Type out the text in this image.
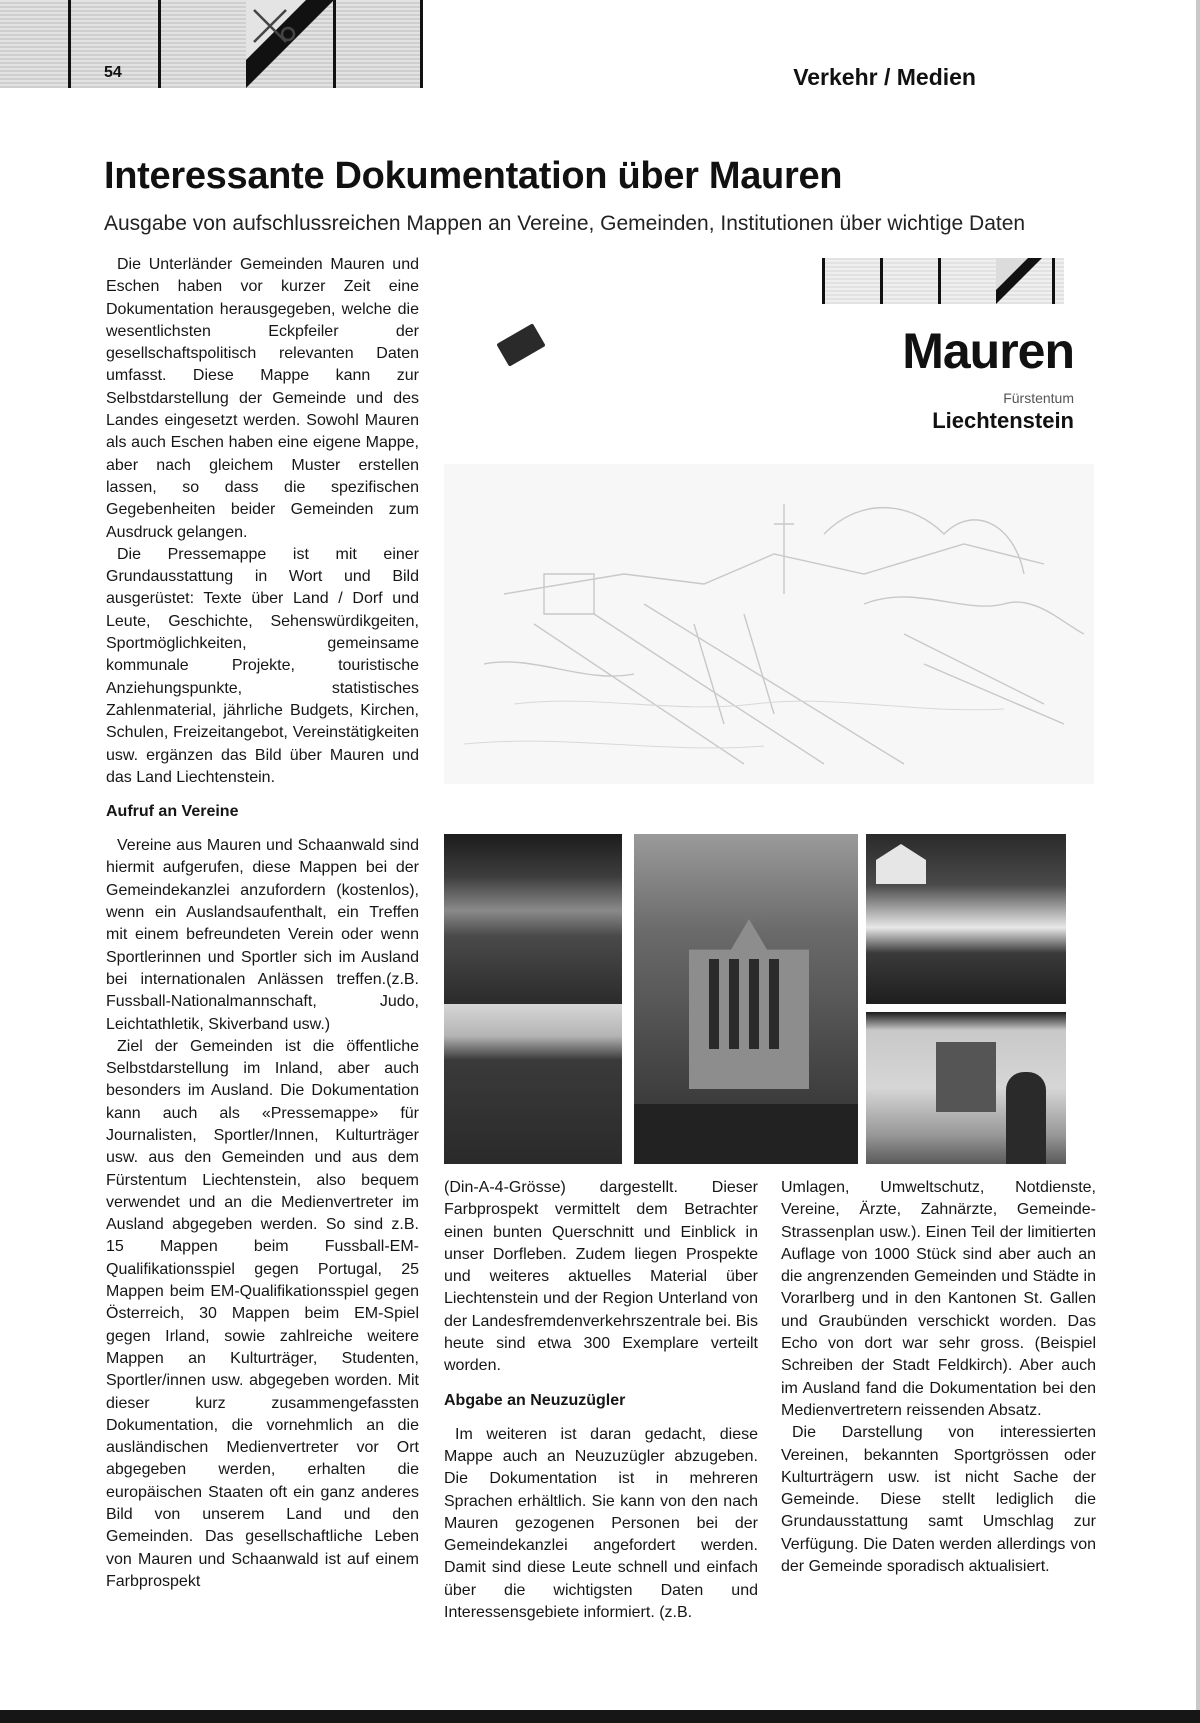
54	Verkehr / Medien
Interessante Dokumentation über Mauren
Ausgabe von aufschlussreichen Mappen an Vereine, Gemeinden, Institutionen über wichtige Daten

Die Unterländer Gemeinden Mauren und Eschen haben vor kurzer Zeit eine Dokumentation herausgegeben, welche die wesentlichsten Eckpfeiler der gesellschaftspolitisch relevanten Daten umfasst. Diese Mappe kann zur Selbstdarstellung der Gemeinde und des Landes eingesetzt werden. Sowohl Mauren als auch Eschen haben eine eigene Mappe, aber nach gleichem Muster erstellen lassen, so dass die spezifischen Gegebenheiten beider Gemeinden zum Ausdruck gelangen.

Die Pressemappe ist mit einer Grundausstattung in Wort und Bild ausgerüstet: Texte über Land / Dorf und Leute, Geschichte, Sehenswürdikgeiten, Sportmöglichkeiten, gemeinsame kommunale Projekte, touristische Anziehungspunkte, statistisches Zahlenmaterial, jährliche Budgets, Kirchen, Schulen, Freizeitangebot, Vereinstätigkeiten usw. ergänzen das Bild über Mauren und das Land Liechtenstein.

Aufruf an Vereine

Vereine aus Mauren und Schaanwald sind hiermit aufgerufen, diese Mappen bei der Gemeindekanzlei anzufordern (kostenlos), wenn ein Auslandsaufenthalt, ein Treffen mit einem befreundeten Verein oder wenn Sportlerinnen und Sportler sich im Ausland bei internationalen Anlässen treffen.(z.B. Fussball-Nationalmannschaft, Judo, Leichtathletik, Skiverband usw.)

Ziel der Gemeinden ist die öffentliche Selbstdarstellung im Inland, aber auch besonders im Ausland. Die Dokumentation kann auch als «Pressemappe» für Journalisten, Sportler/Innen, Kulturträger usw. aus den Gemeinden und aus dem Fürstentum Liechtenstein, also bequem verwendet und an die Medienvertreter im Ausland abgegeben werden. So sind z.B. 15 Mappen beim Fussball-EM-Qualifikationsspiel gegen Portugal, 25 Mappen beim EM-Qualifikationsspiel gegen Österreich, 30 Mappen beim EM-Spiel gegen Irland, sowie zahlreiche weitere Mappen an Kulturträger, Studenten, Sportler/innen usw. abgegeben worden. Mit dieser kurz zusammengefassten Dokumentation, die vornehmlich an die ausländischen Medienvertreter vor Ort abgegeben werden, erhalten die europäischen Staaten oft ein ganz anderes Bild von unserem Land und den Gemeinden. Das gesellschaftliche Leben von Mauren und Schaanwald ist auf einem Farbprospekt

(Din-A-4-Grösse) dargestellt. Dieser Farbprospekt vermittelt dem Betrachter einen bunten Querschnitt und Einblick in unser Dorfleben. Zudem liegen Prospekte und weiteres aktuelles Material über Liechtenstein und der Region Unterland von der Landesfremdenverkehrszentrale bei. Bis heute sind etwa 300 Exemplare verteilt worden.

Abgabe an Neuzuzügler

Im weiteren ist daran gedacht, diese Mappe auch an Neuzuzügler abzugeben. Die Dokumentation ist in mehreren Sprachen erhältlich. Sie kann von den nach Mauren gezogenen Personen bei der Gemeindekanzlei angefordert werden. Damit sind diese Leute schnell und einfach über die wichtigsten Daten und Interessensgebiete informiert. (z.B.

Umlagen, Umweltschutz, Notdienste, Vereine, Ärzte, Zahnärzte, Gemeinde-Strassenplan usw.). Einen Teil der limitierten Auflage von 1000 Stück sind aber auch an die angrenzenden Gemeinden und Städte in Vorarlberg und in den Kantonen St. Gallen und Graubünden verschickt worden. Das Echo von dort war sehr gross. (Beispiel Schreiben der Stadt Feldkirch). Aber auch im Ausland fand die Dokumentation bei den Medienvertretern reissenden Absatz.

Die Darstellung von interessierten Vereinen, bekannten Sportgrössen oder Kulturträgern usw. ist nicht Sache der Gemeinde. Diese stellt lediglich die Grundausstattung samt Umschlag zur Verfügung. Die Daten werden allerdings von der Gemeinde sporadisch aktualisiert.

Mauren
Fürstentum
Liechtenstein
